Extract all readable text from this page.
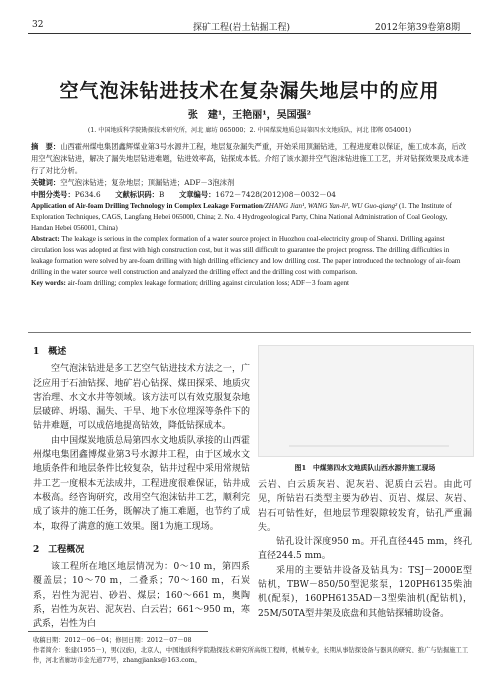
32	探矿工程(岩土钻掘工程)	2012年第39卷第8期
空气泡沫钻进技术在复杂漏失地层中的应用
张　建¹，王艳丽¹，吴国强²
(1. 中国地质科学院勘探技术研究所，河北 廊坊 065000；2. 中国煤炭地质总局第四水文地质队，河北 邯郸 054001)

摘　要：山西霍州煤电集团鑫辉煤业第3号水源井工程，地层复杂漏失严重，开始采用顶漏钻进，工程进度难以保证，施工成本高，后改用空气泡沫钻进，解决了漏失地层钻进难题，钻进效率高，钻探成本低。介绍了该水源井空气泡沫钻进施工工艺，并对钻探效果及成本进行了对比分析。

关键词：空气泡沫钻进；复杂地层；顶漏钻进；ADF－3泡沫剂

中图分类号：P634.6　　 文献标识码：B　　 文章编号：1672－7428(2012)08－0032－04

Application of Air-foam Drilling Technology in Complex Leakage Formation/ZHANG Jian¹, WANG Yan-li¹, WU Guo-qiang² (1. The Institute of Exploration Techniques, CAGS, Langfang Hebei 065000, China; 2. No. 4 Hydrogeological Party, China National Administration of Coal Geology, Handan Hebei 056001, China)

Abstract: The leakage is serious in the complex formation of a water source project in Huozhou coal-electricity group of Shanxi. Drilling against circulation loss was adopted at first with high construction cost, but it was still difficult to guarantee the project progress. The drilling difficulties in leakage formation were solved by are-foam drilling with high drilling efficiency and low drilling cost. The paper introduced the technology of air-foam drilling in the water source well construction and analyzed the drilling effect and the drilling cost with comparison.

Key words: air-foam drilling; complex leakage formation; drilling against circulation loss; ADF－3 foam agent

1　概述

空气泡沫钻进是多工艺空气钻进技术方法之一，广泛应用于石油钻探、地矿岩心钻探、煤田探采、地质灾害治理、水文水井等领域。该方法可以有效克服复杂地层破碎、坍塌、漏失、干旱、地下水位埋深等条件下的钻井难题，可以成倍地提高钻效，降低钻探成本。

由中国煤炭地质总局第四水文地质队承接的山西霍州煤电集团鑫博煤业第3号水源井工程，由于区域水文地质条件和地层条件比较复杂，钻井过程中采用常规钻井工艺一度根本无法成井，工程进度很难保证，钻井成本极高。经咨询研究，改用空气泡沫钻井工艺，顺利完成了该井的施工任务，既解决了施工难题，也节约了成本，取得了满意的施工效果。图1为施工现场。

2　工程概况

该工程所在地区地层情况为：0～10 m，第四系覆盖层；10～70 m，二叠系；70～160 m，石炭系，岩性为泥岩、砂岩、煤层；160～661 m，奥陶系，岩性为灰岩、泥灰岩、白云岩；661～950 m，寒武系，岩性为白

图1　中煤第四水文地质队山西水源井施工现场

云岩、白云质灰岩、泥灰岩、泥质白云岩。由此可见，所钻岩石类型主要为砂岩、页岩、煤层、灰岩、岩石可钻性好，但地层节理裂隙较发育，钻孔严重漏失。

钻孔设计深度950 m。开孔直径445 mm，终孔直径244.5 mm。

采用的主要钻井设备及钻具为：TSJ－2000E型钻机，TBW－850/50型泥浆泵，120PH6135柴油机(配泵)，160PH6135AD－3型柴油机(配钻机)，25M/50TA型井架及底盘和其他钻探辅助设备。

收稿日期：2012－06－04；修回日期：2012－07－08

作者简介：张建(1955－)，男(汉族)，北京人，中国地质科学院勘探技术研究所高级工程师，机械专业，长期从事钻探设备与器具的研究、推广与钻掘施工工作，河北省廊坊市金光道77号，zhangjianks@163.com。
